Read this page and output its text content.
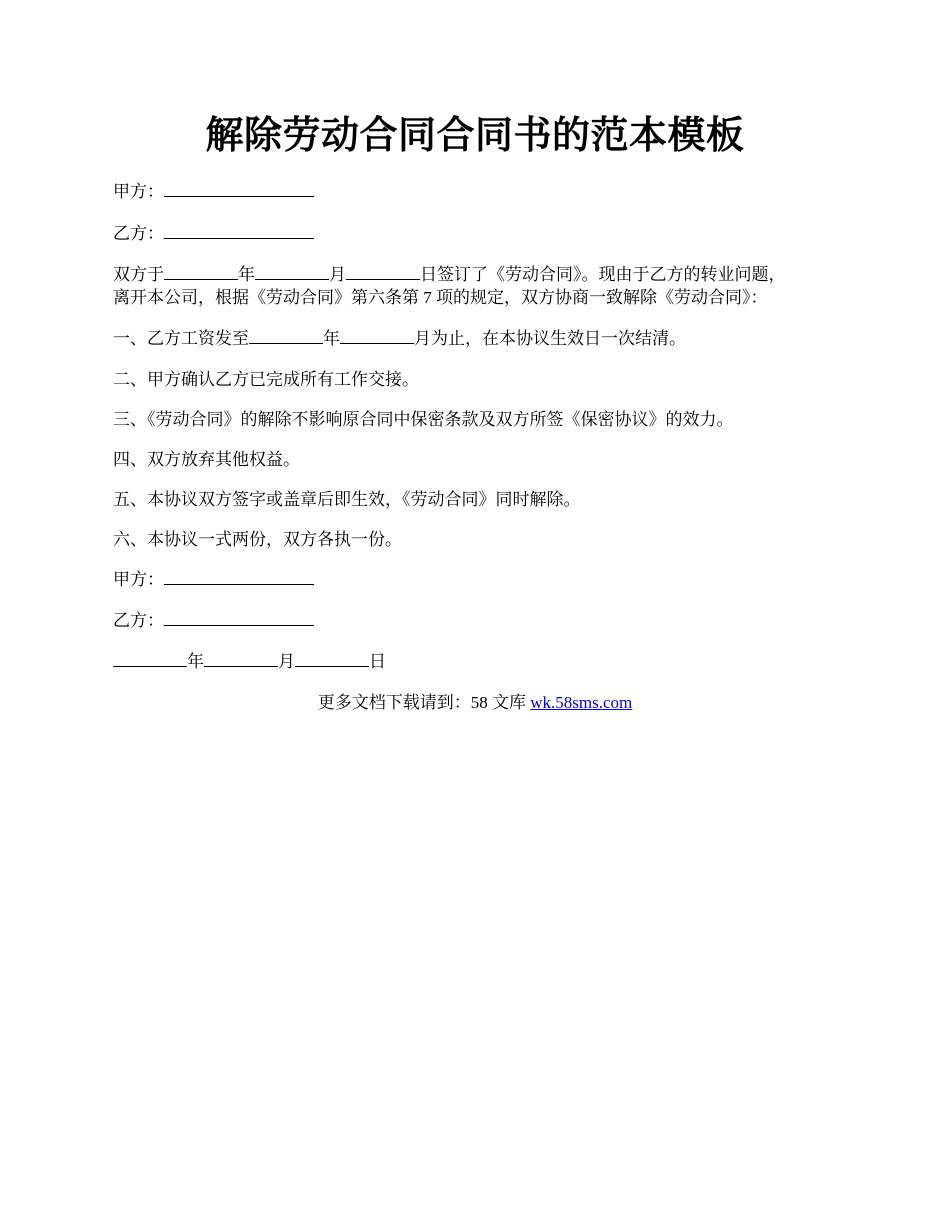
解除劳动合同合同书的范本模板
甲方：
乙方：
双方于	年	月	日签订了《劳动合同》。现由于乙方的转业问题，
离开本公司，根据《劳动合同》第六条第 7 项的规定，双方协商一致解除《劳动合同》：
一、乙方工资发至	年	月为止，在本协议生效日一次结清。
二、甲方确认乙方已完成所有工作交接。
三、《劳动合同》的解除不影响原合同中保密条款及双方所签《保密协议》的效力。
四、双方放弃其他权益。
五、本协议双方签字或盖章后即生效，《劳动合同》同时解除。
六、本协议一式两份，双方各执一份。
甲方：
乙方：
年	月	日
更多文档下载请到：58 文库 wk.58sms.com
